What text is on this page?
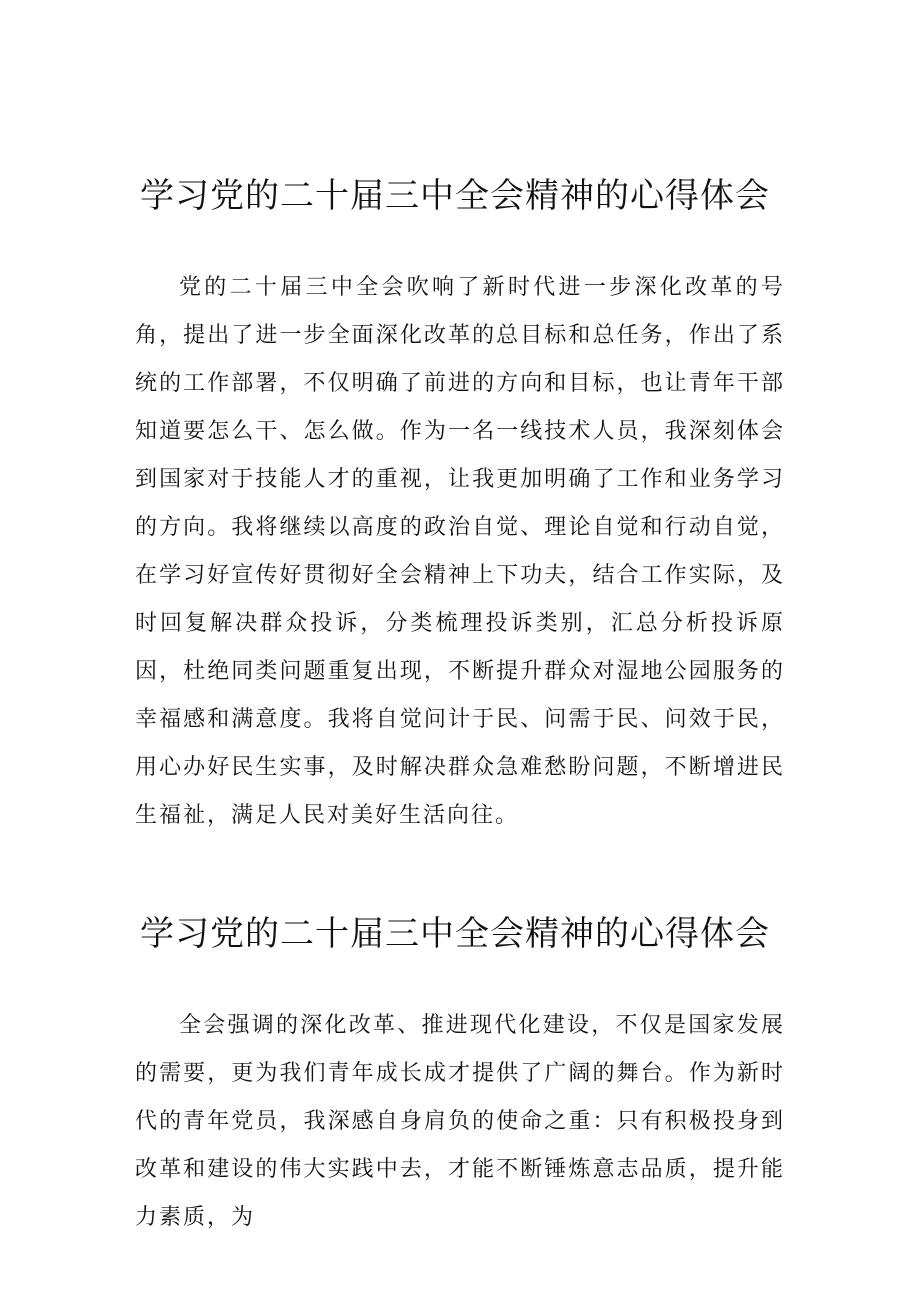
学习党的二十届三中全会精神的心得体会

党的二十届三中全会吹响了新时代进一步深化改革的号角，提出了进一步全面深化改革的总目标和总任务，作出了系统的工作部署，不仅明确了前进的方向和目标，也让青年干部知道要怎么干、怎么做。作为一名一线技术人员，我深刻体会到国家对于技能人才的重视，让我更加明确了工作和业务学习的方向。我将继续以高度的政治自觉、理论自觉和行动自觉，在学习好宣传好贯彻好全会精神上下功夫，结合工作实际，及时回复解决群众投诉，分类梳理投诉类别，汇总分析投诉原因，杜绝同类问题重复出现，不断提升群众对湿地公园服务的幸福感和满意度。我将自觉问计于民、问需于民、问效于民，用心办好民生实事，及时解决群众急难愁盼问题，不断增进民生福祉，满足人民对美好生活向往。

学习党的二十届三中全会精神的心得体会

全会强调的深化改革、推进现代化建设，不仅是国家发展的需要，更为我们青年成长成才提供了广阔的舞台。作为新时代的青年党员，我深感自身肩负的使命之重：只有积极投身到改革和建设的伟大实践中去，才能不断锤炼意志品质，提升能力素质，为
